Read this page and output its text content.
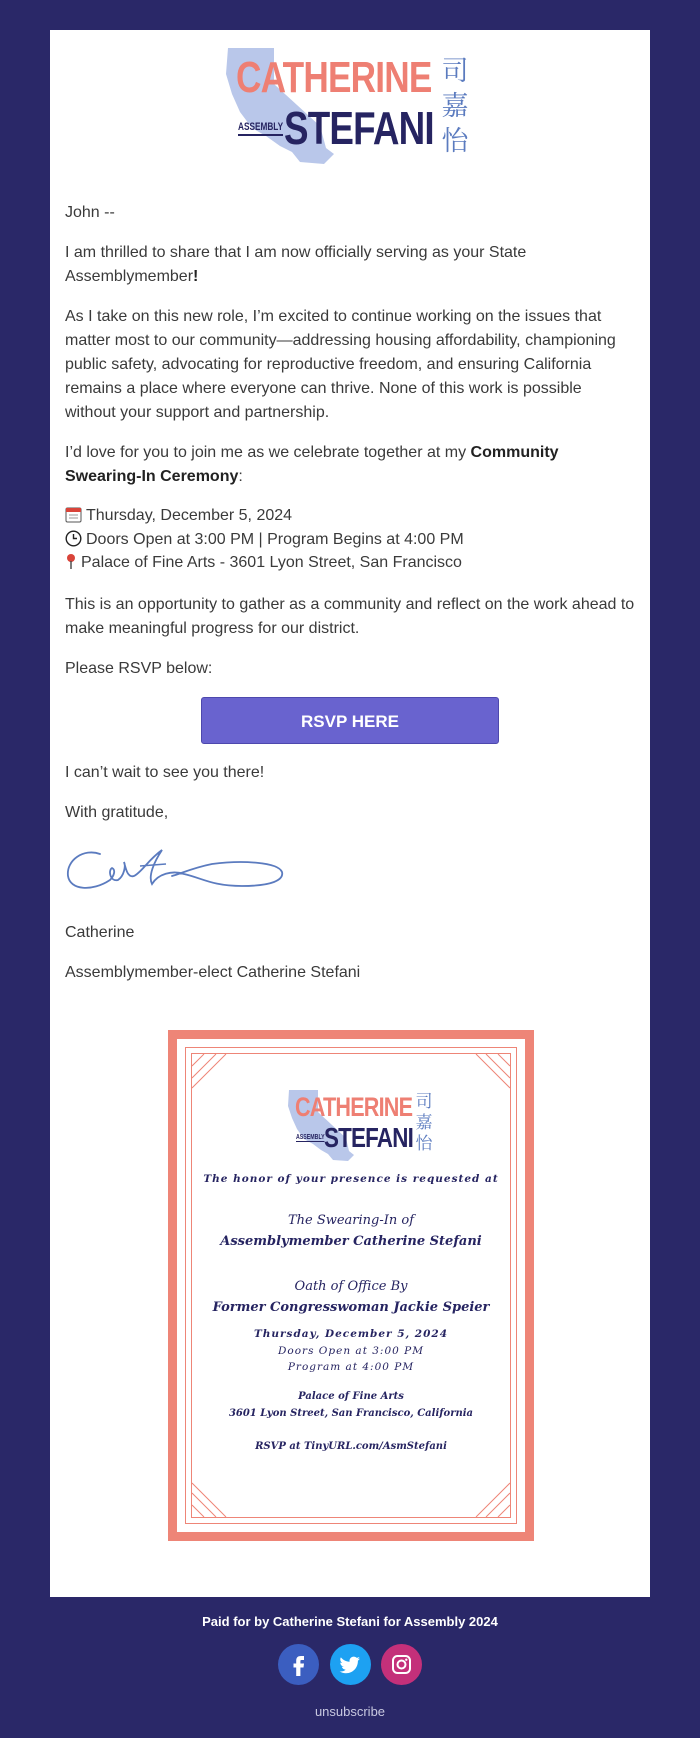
CATHERINE
ASSEMBLY STEFANI
司
嘉
怡

John --

I am thrilled to share that I am now officially serving as your State Assemblymember!

As I take on this new role, I’m excited to continue working on the issues that matter most to our community—addressing housing affordability, championing public safety, advocating for reproductive freedom, and ensuring California remains a place where everyone can thrive. None of this work is possible without your support and partnership.

I’d love for you to join me as we celebrate together at my Community Swearing-In Ceremony:

Thursday, December 5, 2024
Doors Open at 3:00 PM | Program Begins at 4:00 PM
Palace of Fine Arts - 3601 Lyon Street, San Francisco

This is an opportunity to gather as a community and reflect on the work ahead to make meaningful progress for our district.

Please RSVP below:

RSVP HERE

I can’t wait to see you there!

With gratitude,

Catherine

Assemblymember-elect Catherine Stefani

CATHERINE
ASSEMBLY STEFANI
司
嘉
怡
The honor of your presence is requested at
The Swearing-In of
Assemblymember Catherine Stefani
Oath of Office By
Former Congresswoman Jackie Speier
Thursday, December 5, 2024
Doors Open at 3:00 PM
Program at 4:00 PM
Palace of Fine Arts
3601 Lyon Street, San Francisco, California
RSVP at TinyURL.com/AsmStefani
Paid for by Catherine Stefani for Assembly 2024
unsubscribe
